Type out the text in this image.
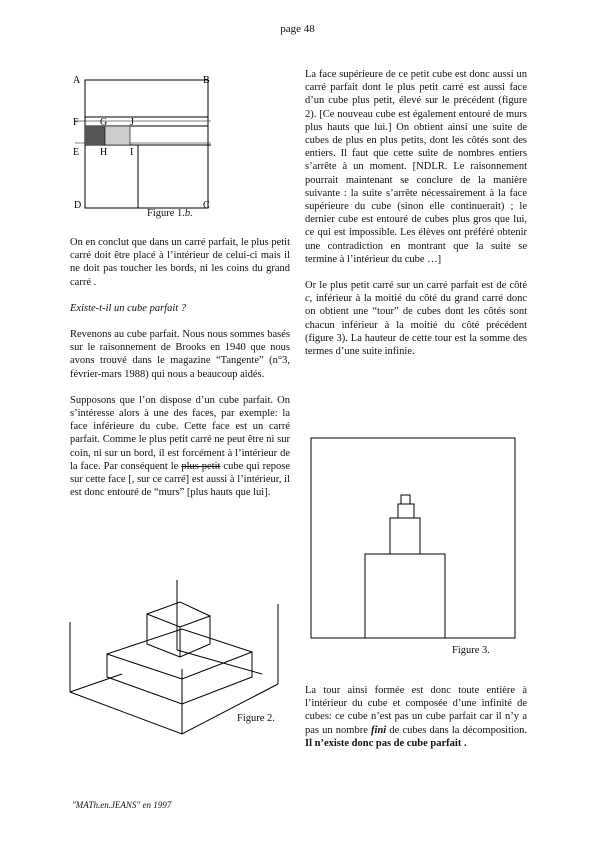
page 48
A	B
C
D
E
F G
H I
J
Figure 1.b.

On en conclut que dans un carré parfait, le plus petit carré doit être placé à l’intérieur de celui-ci mais il ne doit pas toucher les bords, ni les coins du grand carré .

Existe-t-il un cube parfait ?

Revenons au cube parfait. Nous nous sommes basés sur le raisonnement de Brooks en 1940 que nous avons trouvé dans le magazine “Tangente” (n°3, février-mars 1988) qui nous a beaucoup aidés.

Supposons que l’on dispose d’un cube parfait. On s’intéresse alors à une des faces, par exemple: la face inférieure du cube. Cette face est un carré parfait. Comme le plus petit carré ne peut être ni sur coin, ni sur un bord, il est forcément à l’intérieur de la face. Par conséquent le plus petit cube qui repose sur cette face [, sur ce carré] est aussi à l’intérieur, il est donc entouré de “murs” [plus hauts que lui].

Figure 2.

La face supérieure de ce petit cube est donc aussi un carré parfait dont le plus petit carré est aussi face d’un cube plus petit, élevé sur le précédent (figure 2). [Ce nouveau cube est également entouré de murs plus hauts que lui.] On obtient ainsi une suite de cubes de plus en plus petits, dont les côtés sont des entiers. Il faut que cette suite de nombres entiers s’arrête à un moment. [NDLR. Le raisonnement pourrait maintenant se conclure de la manière suivante : la suite s’arrête nécessairement à la face supérieure du cube (sinon elle continuerait) ; le dernier cube est entouré de cubes plus gros que lui, ce qui est impossible. Les élèves ont préféré obtenir une contradiction en montrant que la suite se termine à l’intérieur du cube …]

Or le plus petit carré sur un carré parfait est de côté c, inférieur à la moitié du côté du grand carré donc on obtient une “tour” de cubes dont les côtés sont chacun inférieur à la moitié du côté précédent (figure 3). La hauteur de cette tour est la somme des termes d’une suite infinie.

Figure 3.

La tour ainsi formée est donc toute entière à l’intérieur du cube et composée d’une infinité de cubes: ce cube n’est pas un cube parfait car il n’y a pas un nombre fini de cubes dans la décomposition. Il n’existe donc pas de cube parfait .

"MATh.en.JEANS" en 1997
